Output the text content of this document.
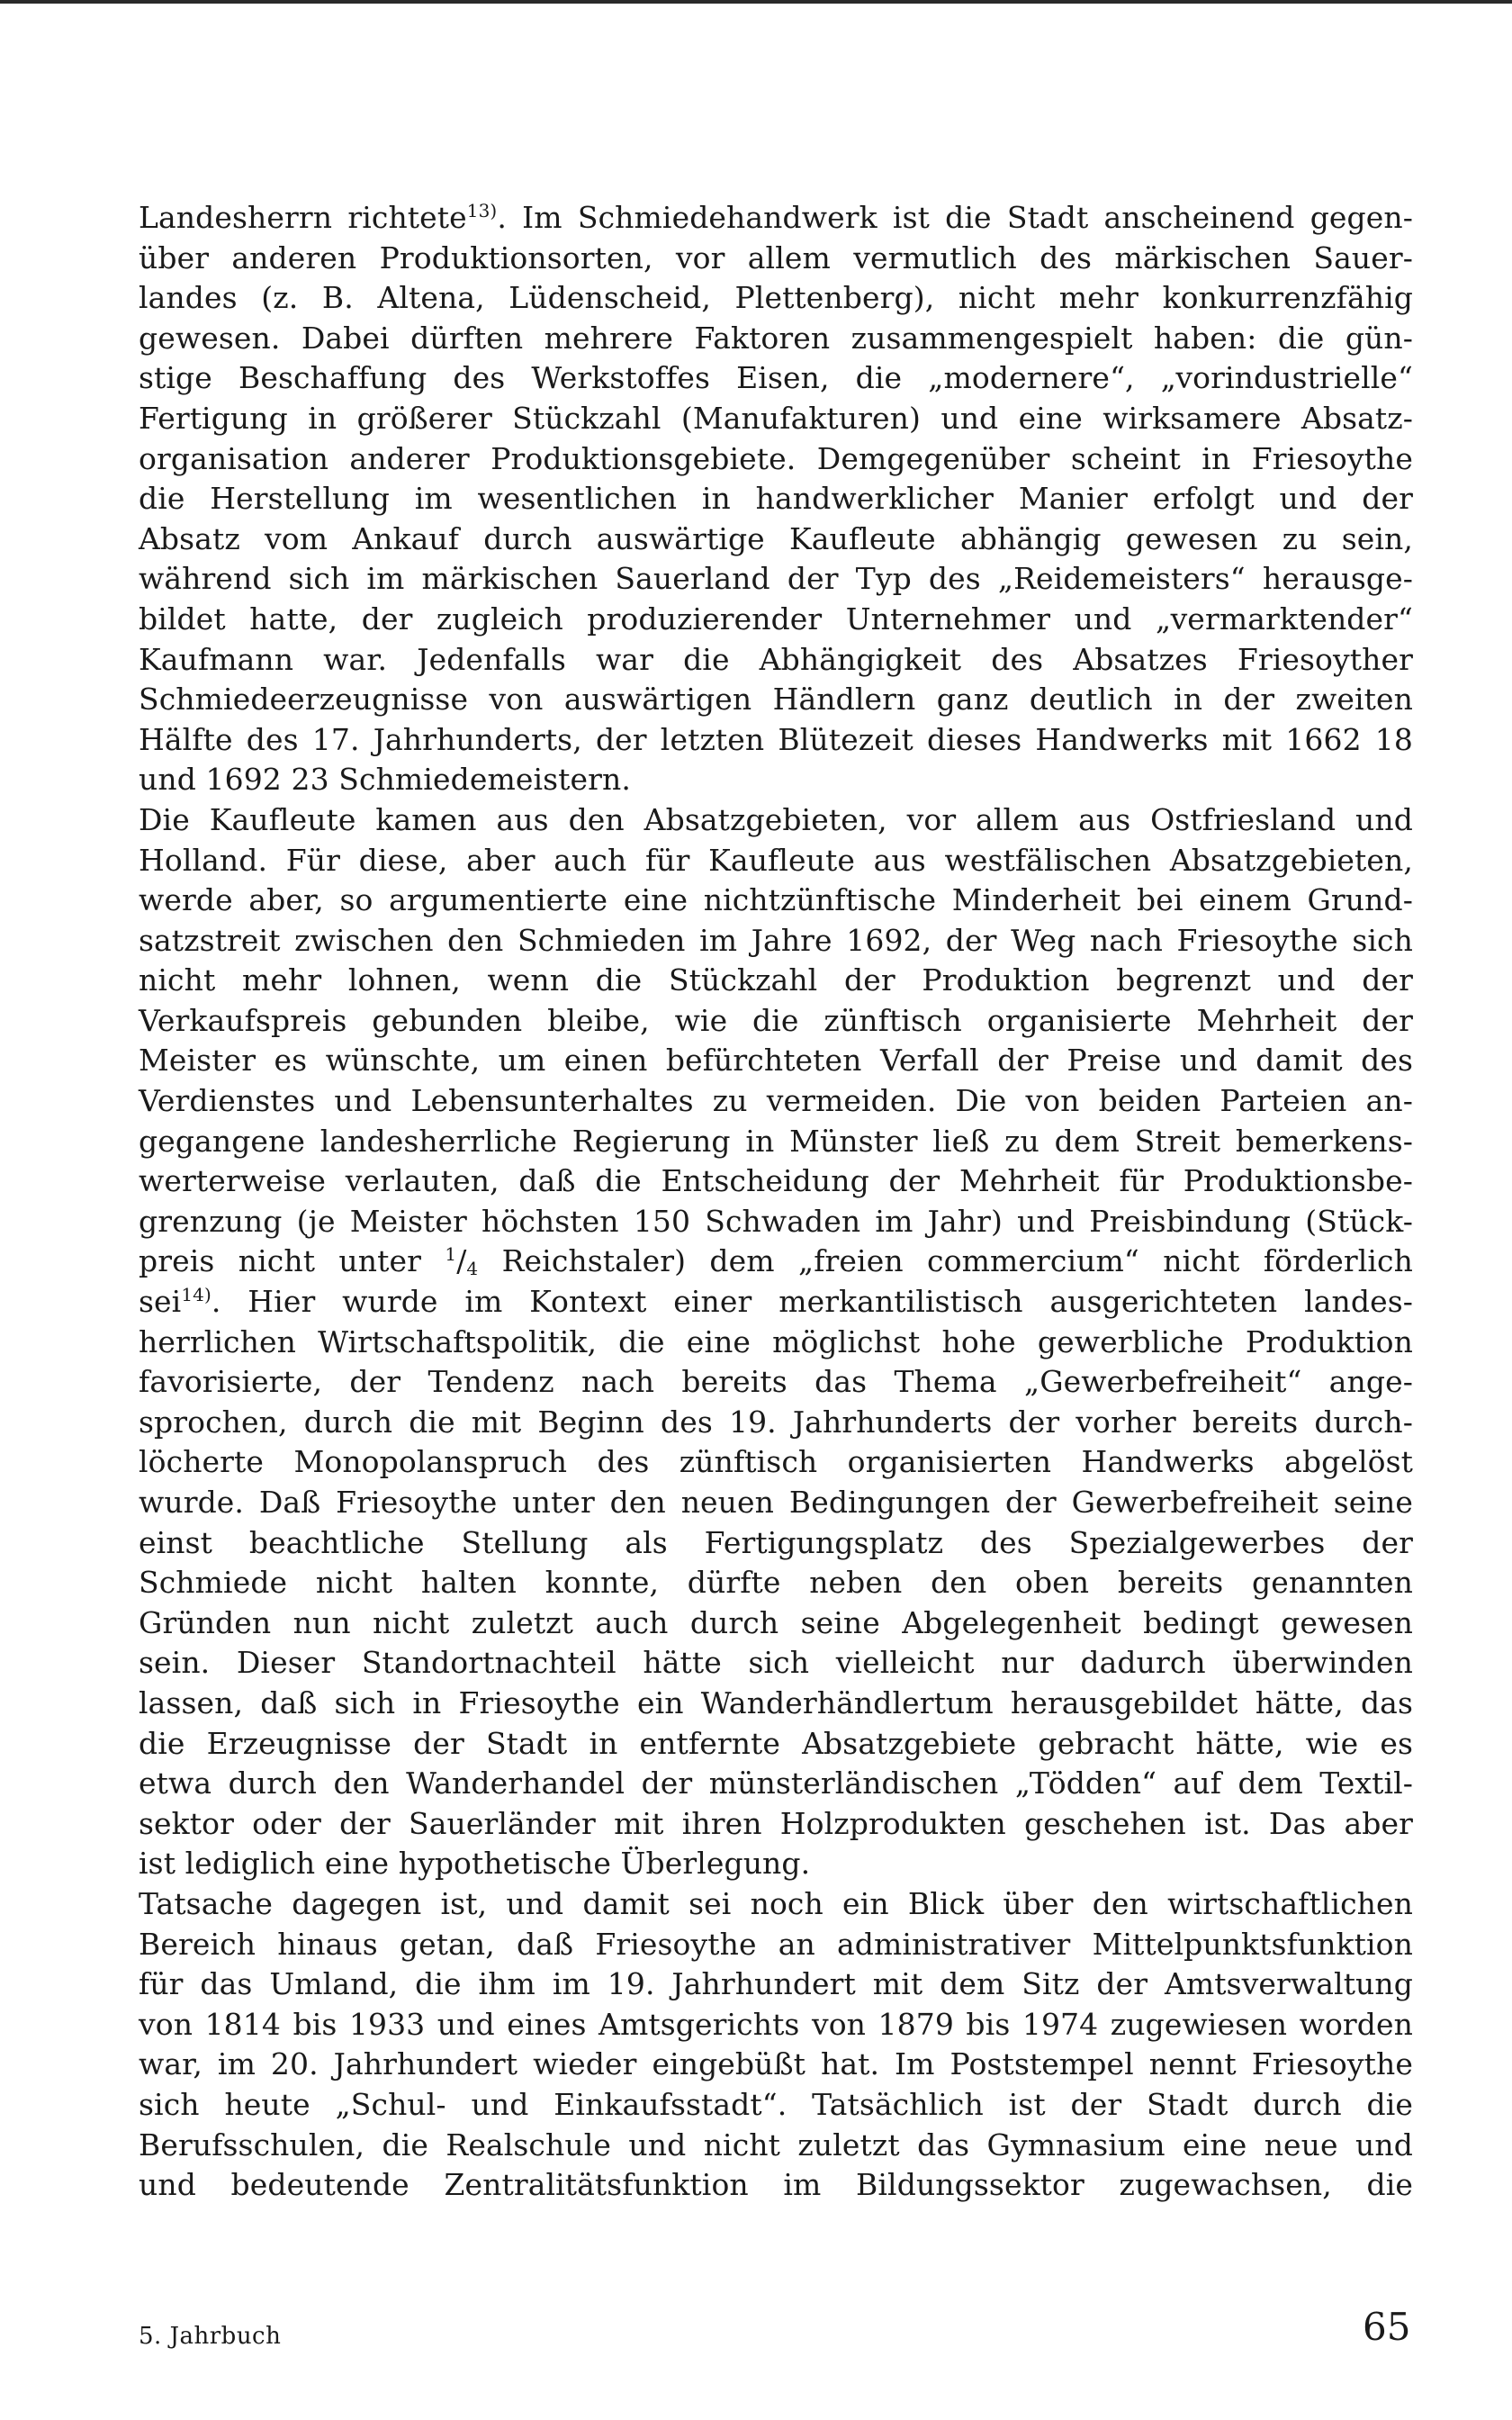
Landesherrn richtete$^{13)}$. Im Schmiedehandwerk ist die Stadt anscheinend gegen-
über anderen Produktionsorten, vor allem vermutlich des märkischen Sauer-
landes (z. B. Altena, Lüdenscheid, Plettenberg), nicht mehr konkurrenzfähig
gewesen. Dabei dürften mehrere Faktoren zusammengespielt haben: die gün-
stige Beschaffung des Werkstoffes Eisen, die „modernere“, „vorindustrielle“
Fertigung in größerer Stückzahl (Manufakturen) und eine wirksamere Absatz-
organisation anderer Produktionsgebiete. Demgegenüber scheint in Friesoythe
die Herstellung im wesentlichen in handwerklicher Manier erfolgt und der
Absatz vom Ankauf durch auswärtige Kaufleute abhängig gewesen zu sein,
während sich im märkischen Sauerland der Typ des „Reidemeisters“ herausge-
bildet hatte, der zugleich produzierender Unternehmer und „vermarktender“
Kaufmann war. Jedenfalls war die Abhängigkeit des Absatzes Friesoyther
Schmiedeerzeugnisse von auswärtigen Händlern ganz deutlich in der zweiten
Hälfte des 17. Jahrhunderts, der letzten Blütezeit dieses Handwerks mit 1662 18
und 1692 23 Schmiedemeistern.
Die Kaufleute kamen aus den Absatzgebieten, vor allem aus Ostfriesland und
Holland. Für diese, aber auch für Kaufleute aus westfälischen Absatzgebieten,
werde aber, so argumentierte eine nichtzünftische Minderheit bei einem Grund-
satzstreit zwischen den Schmieden im Jahre 1692, der Weg nach Friesoythe sich
nicht mehr lohnen, wenn die Stückzahl der Produktion begrenzt und der
Verkaufspreis gebunden bleibe, wie die zünftisch organisierte Mehrheit der
Meister es wünschte, um einen befürchteten Verfall der Preise und damit des
Verdienstes und Lebensunterhaltes zu vermeiden. Die von beiden Parteien an-
gegangene landesherrliche Regierung in Münster ließ zu dem Streit bemerkens-
werterweise verlauten, daß die Entscheidung der Mehrheit für Produktionsbe-
grenzung (je Meister höchsten 150 Schwaden im Jahr) und Preisbindung (Stück-
preis nicht unter $^1/_4$ Reichstaler) dem „freien commercium“ nicht förderlich
sei$^{14)}$. Hier wurde im Kontext einer merkantilistisch ausgerichteten landes-
herrlichen Wirtschaftspolitik, die eine möglichst hohe gewerbliche Produktion
favorisierte, der Tendenz nach bereits das Thema „Gewerbefreiheit“ ange-
sprochen, durch die mit Beginn des 19. Jahrhunderts der vorher bereits durch-
löcherte Monopolanspruch des zünftisch organisierten Handwerks abgelöst
wurde. Daß Friesoythe unter den neuen Bedingungen der Gewerbefreiheit seine
einst beachtliche Stellung als Fertigungsplatz des Spezialgewerbes der
Schmiede nicht halten konnte, dürfte neben den oben bereits genannten
Gründen nun nicht zuletzt auch durch seine Abgelegenheit bedingt gewesen
sein. Dieser Standortnachteil hätte sich vielleicht nur dadurch überwinden
lassen, daß sich in Friesoythe ein Wanderhändlertum herausgebildet hätte, das
die Erzeugnisse der Stadt in entfernte Absatzgebiete gebracht hätte, wie es
etwa durch den Wanderhandel der münsterländischen „Tödden“ auf dem Textil-
sektor oder der Sauerländer mit ihren Holzprodukten geschehen ist. Das aber
ist lediglich eine hypothetische Überlegung.
Tatsache dagegen ist, und damit sei noch ein Blick über den wirtschaftlichen
Bereich hinaus getan, daß Friesoythe an administrativer Mittelpunktsfunktion
für das Umland, die ihm im 19. Jahrhundert mit dem Sitz der Amtsverwaltung
von 1814 bis 1933 und eines Amtsgerichts von 1879 bis 1974 zugewiesen worden
war, im 20. Jahrhundert wieder eingebüßt hat. Im Poststempel nennt Friesoythe
sich heute „Schul- und Einkaufsstadt“. Tatsächlich ist der Stadt durch die
Berufsschulen, die Realschule und nicht zuletzt das Gymnasium eine neue und
und bedeutende Zentralitätsfunktion im Bildungssektor zugewachsen, die
5. Jahrbuch	65
